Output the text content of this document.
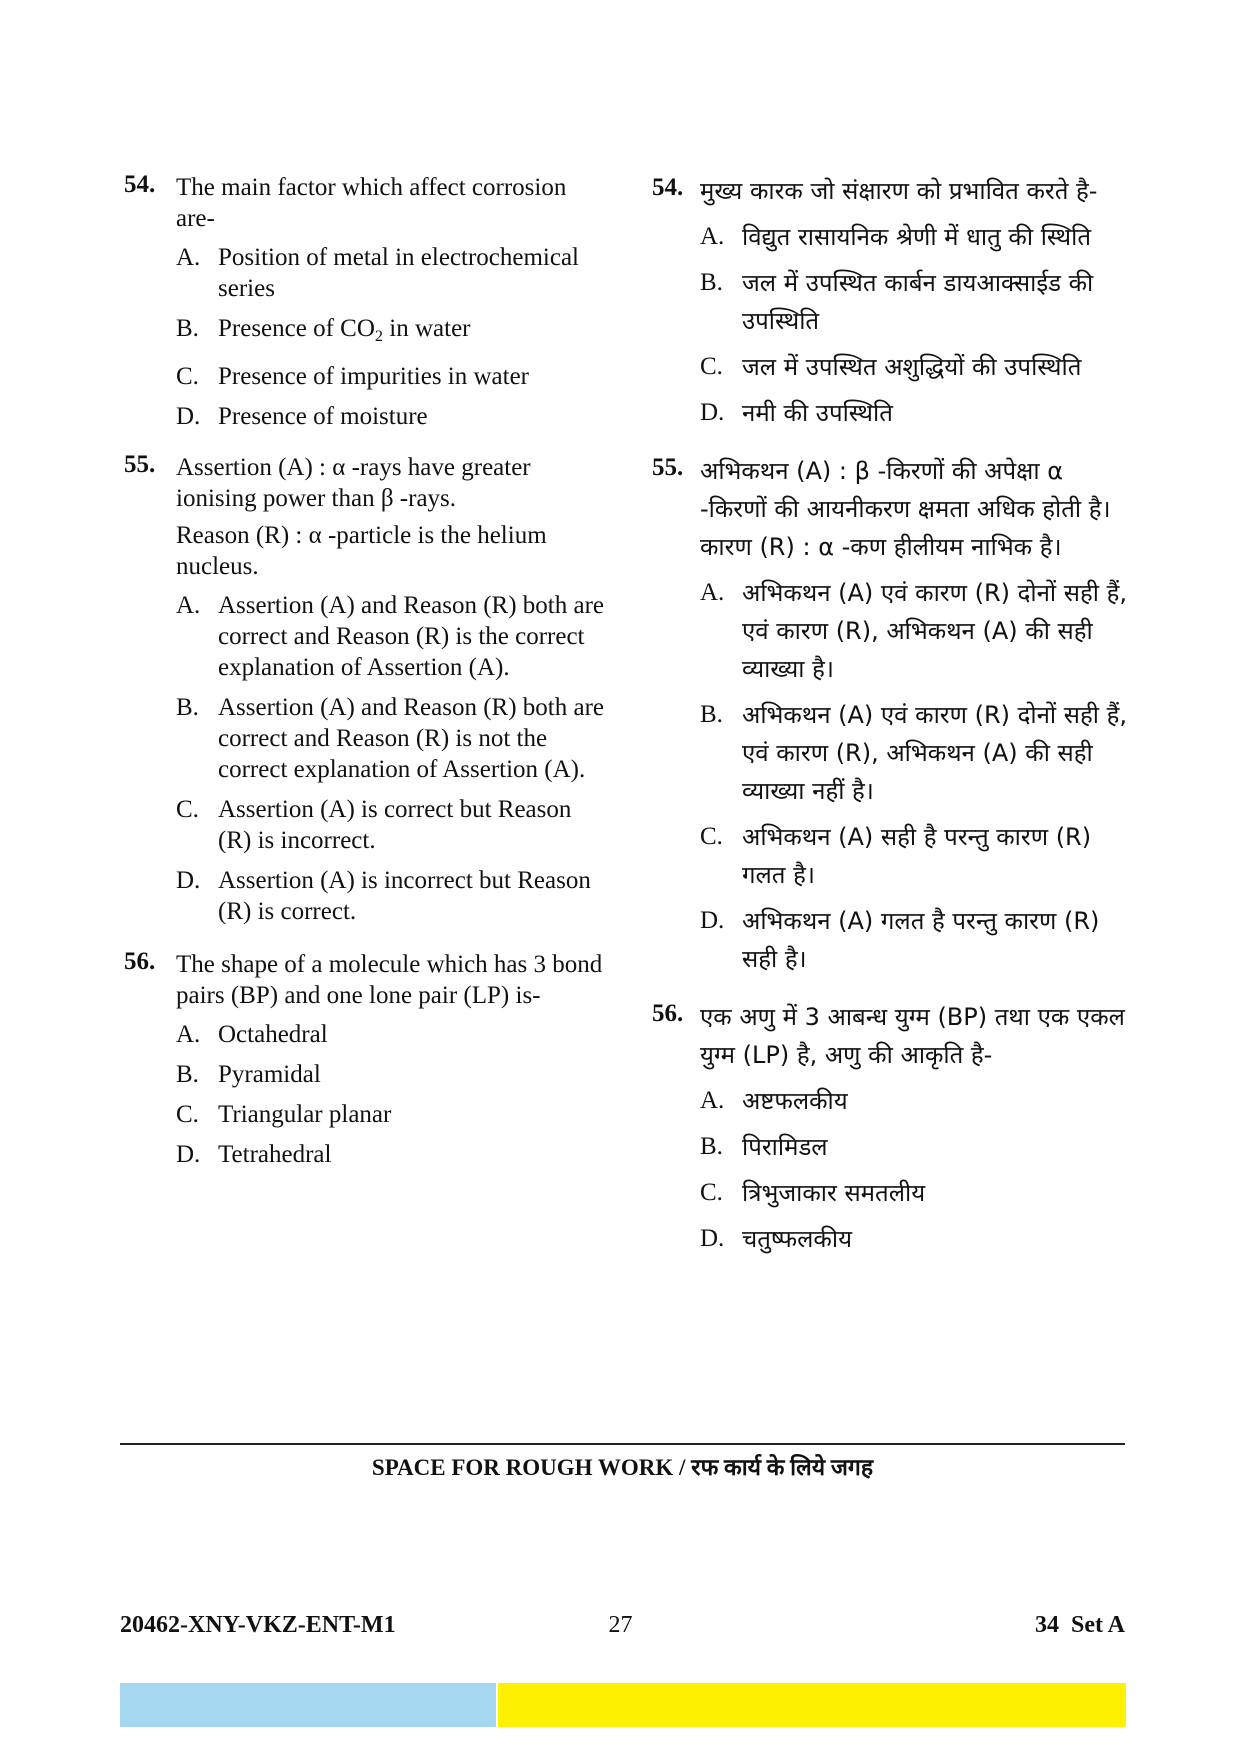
54. The main factor which affect corrosion are-

A. Position of metal in electrochemical series
B. Presence of $CO_2$ in water
C. Presence of impurities in water
D. Presence of moisture
55. Assertion (A) : α -rays have greater ionising power than β -rays.

Reason (R) : α -particle is the helium nucleus.

A. Assertion (A) and Reason (R) both are correct and Reason (R) is the correct explanation of Assertion (A).
B. Assertion (A) and Reason (R) both are correct and Reason (R) is not the correct explanation of Assertion (A).
C. Assertion (A) is correct but Reason (R) is incorrect.
D. Assertion (A) is incorrect but Reason (R) is correct.
56. The shape of a molecule which has 3 bond pairs (BP) and one lone pair (LP) is-

A. Octahedral
B. Pyramidal
C. Triangular planar
D. Tetrahedral
54. मुख्य कारक जो संक्षारण को प्रभावित करते है-

A. विद्युत रासायनिक श्रेणी में धातु की स्थिति
B. जल में उपस्थित कार्बन डायआक्साईड की उपस्थिति
C. जल में उपस्थित अशुद्धियों की उपस्थिति
D. नमी की उपस्थिति
55. अभिकथन (A) : β -किरणों की अपेक्षा α -किरणों की आयनीकरण क्षमता अधिक होती है।

कारण (R) : α -कण हीलीयम नाभिक है।

A. अभिकथन (A) एवं कारण (R) दोनों सही हैं, एवं कारण (R), अभिकथन (A) की सही व्याख्या है।
B. अभिकथन (A) एवं कारण (R) दोनों सही हैं, एवं कारण (R), अभिकथन (A) की सही व्याख्या नहीं है।
C. अभिकथन (A) सही है परन्तु कारण (R) गलत है।
D. अभिकथन (A) गलत है परन्तु कारण (R) सही है।
56. एक अणु में 3 आबन्ध युग्म (BP) तथा एक एकल युग्म (LP) है, अणु की आकृति है-

A. अष्टफलकीय
B. पिरामिडल
C. त्रिभुजाकार समतलीय
D. चतुष्फलकीय
SPACE FOR ROUGH WORK / रफ कार्य के लिये जगह
20462-XNY-VKZ-ENT-M1	27	34 Set A
